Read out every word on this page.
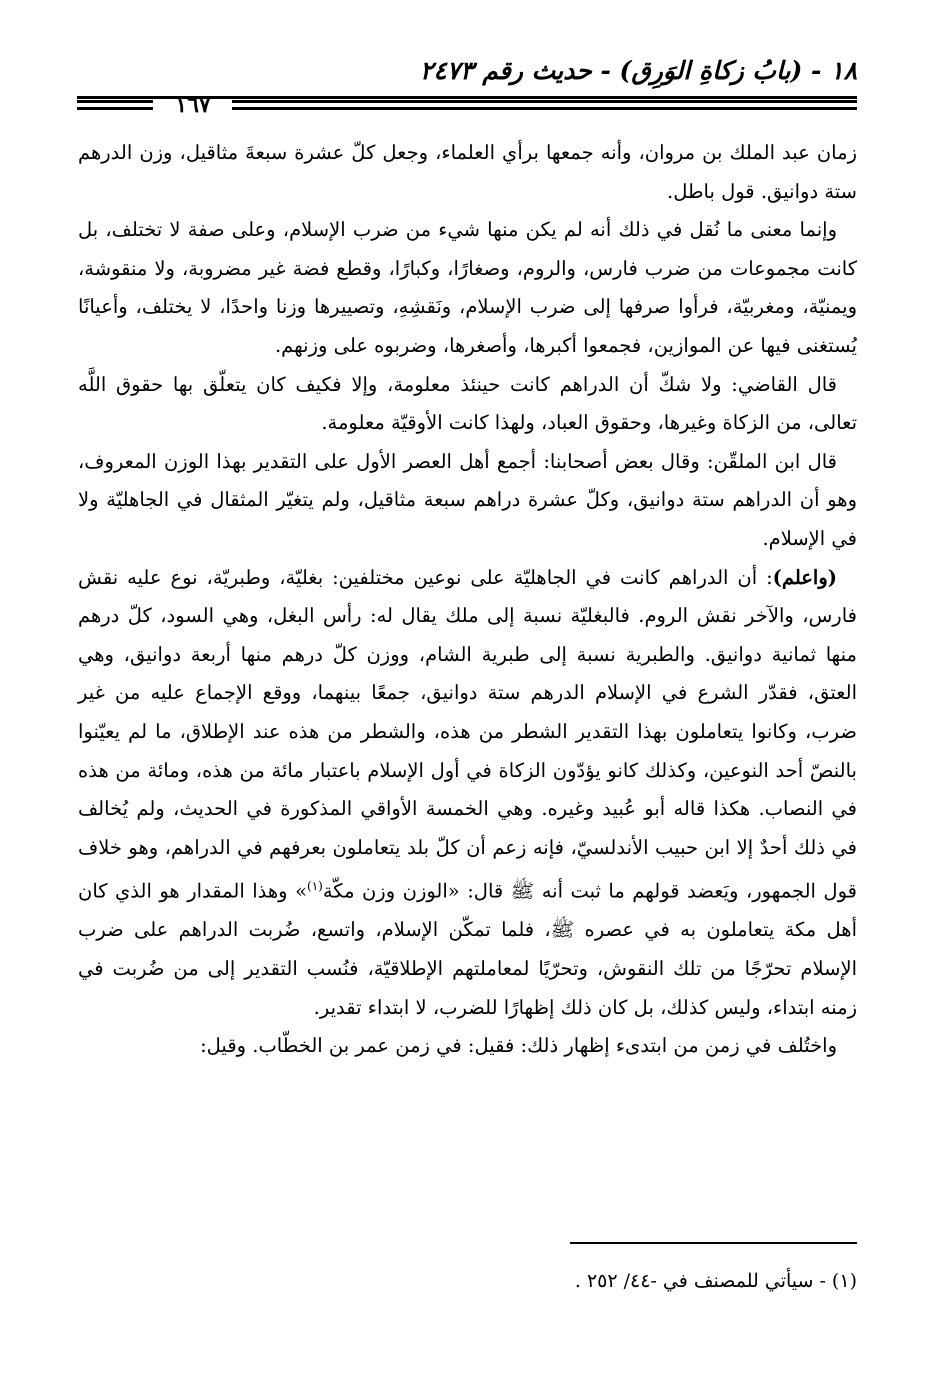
١٨ - (بابُ زكاةِ الوَرِق) - حديث رقم ٢٤٧٣
١٦٧

زمان عبد الملك بن مروان، وأنه جمعها برأي العلماء، وجعل كلّ عشرة سبعةَ مثاقيل، وزن الدرهم ستة دوانيق. قول باطل.

وإنما معنى ما نُقل في ذلك أنه لم يكن منها شيء من ضرب الإسلام، وعلى صفة لا تختلف، بل كانت مجموعات من ضرب فارس، والروم، وصغارًا، وكبارًا، وقطع فضة غير مضروبة، ولا منقوشة، ويمنيّة، ومغربيّة، فرأوا صرفها إلى ضرب الإسلام، ونَقشِهِ، وتصييرها وزنا واحدًا، لا يختلف، وأعيانًا يُستغنى فيها عن الموازين، فجمعوا أكبرها، وأصغرها، وضربوه على وزنهم.

قال القاضي: ولا شكّ أن الدراهم كانت حينئذ معلومة، وإلا فكيف كان يتعلّق بها حقوق اللَّه تعالى، من الزكاة وغيرها، وحقوق العباد، ولهذا كانت الأوقيّة معلومة.

قال ابن الملقّن: وقال بعض أصحابنا: أجمع أهل العصر الأول على التقدير بهذا الوزن المعروف، وهو أن الدراهم ستة دوانيق، وكلّ عشرة دراهم سبعة مثاقيل، ولم يتغيّر المثقال في الجاهليّة ولا في الإسلام.

(واعلم): أن الدراهم كانت في الجاهليّة على نوعين مختلفين: بغليّة، وطبريّة، نوع عليه نقش فارس، والآخر نقش الروم. فالبغليّة نسبة إلى ملك يقال له: رأس البغل، وهي السود، كلّ درهم منها ثمانية دوانيق. والطبرية نسبة إلى طبرية الشام، ووزن كلّ درهم منها أربعة دوانيق، وهي العتق، فقدّر الشرع في الإسلام الدرهم ستة دوانيق، جمعًا بينهما، ووقع الإجماع عليه من غير ضرب، وكانوا يتعاملون بهذا التقدير الشطر من هذه، والشطر من هذه عند الإطلاق، ما لم يعيّنوا بالنصّ أحد النوعين، وكذلك كانو يؤدّون الزكاة في أول الإسلام باعتبار مائة من هذه، ومائة من هذه في النصاب. هكذا قاله أبو عُبيد وغيره. وهي الخمسة الأواقي المذكورة في الحديث، ولم يُخالف في ذلك أحدٌ إلا ابن حبيب الأندلسيّ، فإنه زعم أن كلّ بلد يتعاملون بعرفهم في الدراهم، وهو خلاف قول الجمهور، ويَعضد قولهم ما ثبت أنه ﷺ قال: «الوزن وزن مكّة$^{(١)}$» وهذا المقدار هو الذي كان أهل مكة يتعاملون به في عصره ﷺ، فلما تمكّن الإسلام، واتسع، ضُربت الدراهم على ضرب الإسلام تحرّجًا من تلك النقوش، وتحرّيًا لمعاملتهم الإطلاقيّة، فنُسب التقدير إلى من ضُربت في زمنه ابتداء، وليس كذلك، بل كان ذلك إظهارًا للضرب، لا ابتداء تقدير.

واختُلف في زمن من ابتدىء إظهار ذلك: فقيل: في زمن عمر بن الخطّاب. وقيل:

(١) - سيأتي للمصنف في -٤٤/ ٢٥٢ .
